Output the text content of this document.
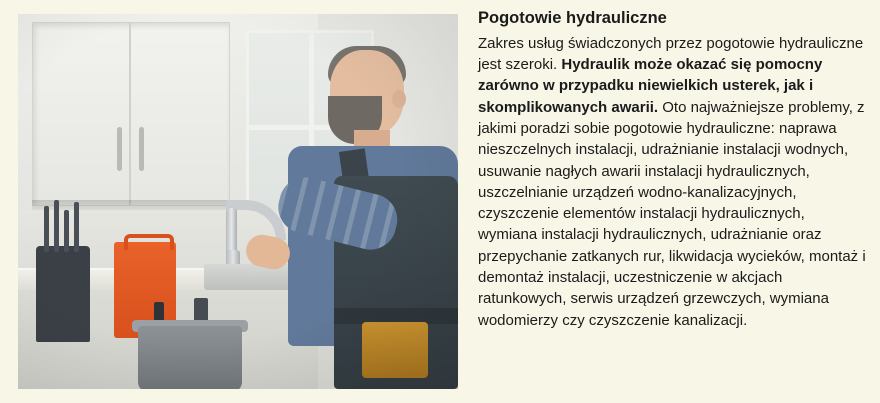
Pogotowie hydrauliczne

Zakres usług świadczonych przez pogotowie hydrauliczne jest szeroki. Hydraulik może okazać się pomocny zarówno w przypadku niewielkich usterek, jak i skomplikowanych awarii. Oto najważniejsze problemy, z jakimi poradzi sobie pogotowie hydrauliczne: naprawa nieszczelnych instalacji, udrażnianie instalacji wodnych, usuwanie nagłych awarii instalacji hydraulicznych, uszczelnianie urządzeń wodno-kanalizacyjnych, czyszczenie elementów instalacji hydraulicznych, wymiana instalacji hydraulicznych, udrażnianie oraz przepychanie zatkanych rur, likwidacja wycieków, montaż i demontaż instalacji, uczestniczenie w akcjach ratunkowych, serwis urządzeń grzewczych, wymiana wodomierzy czy czyszczenie kanalizacji.
